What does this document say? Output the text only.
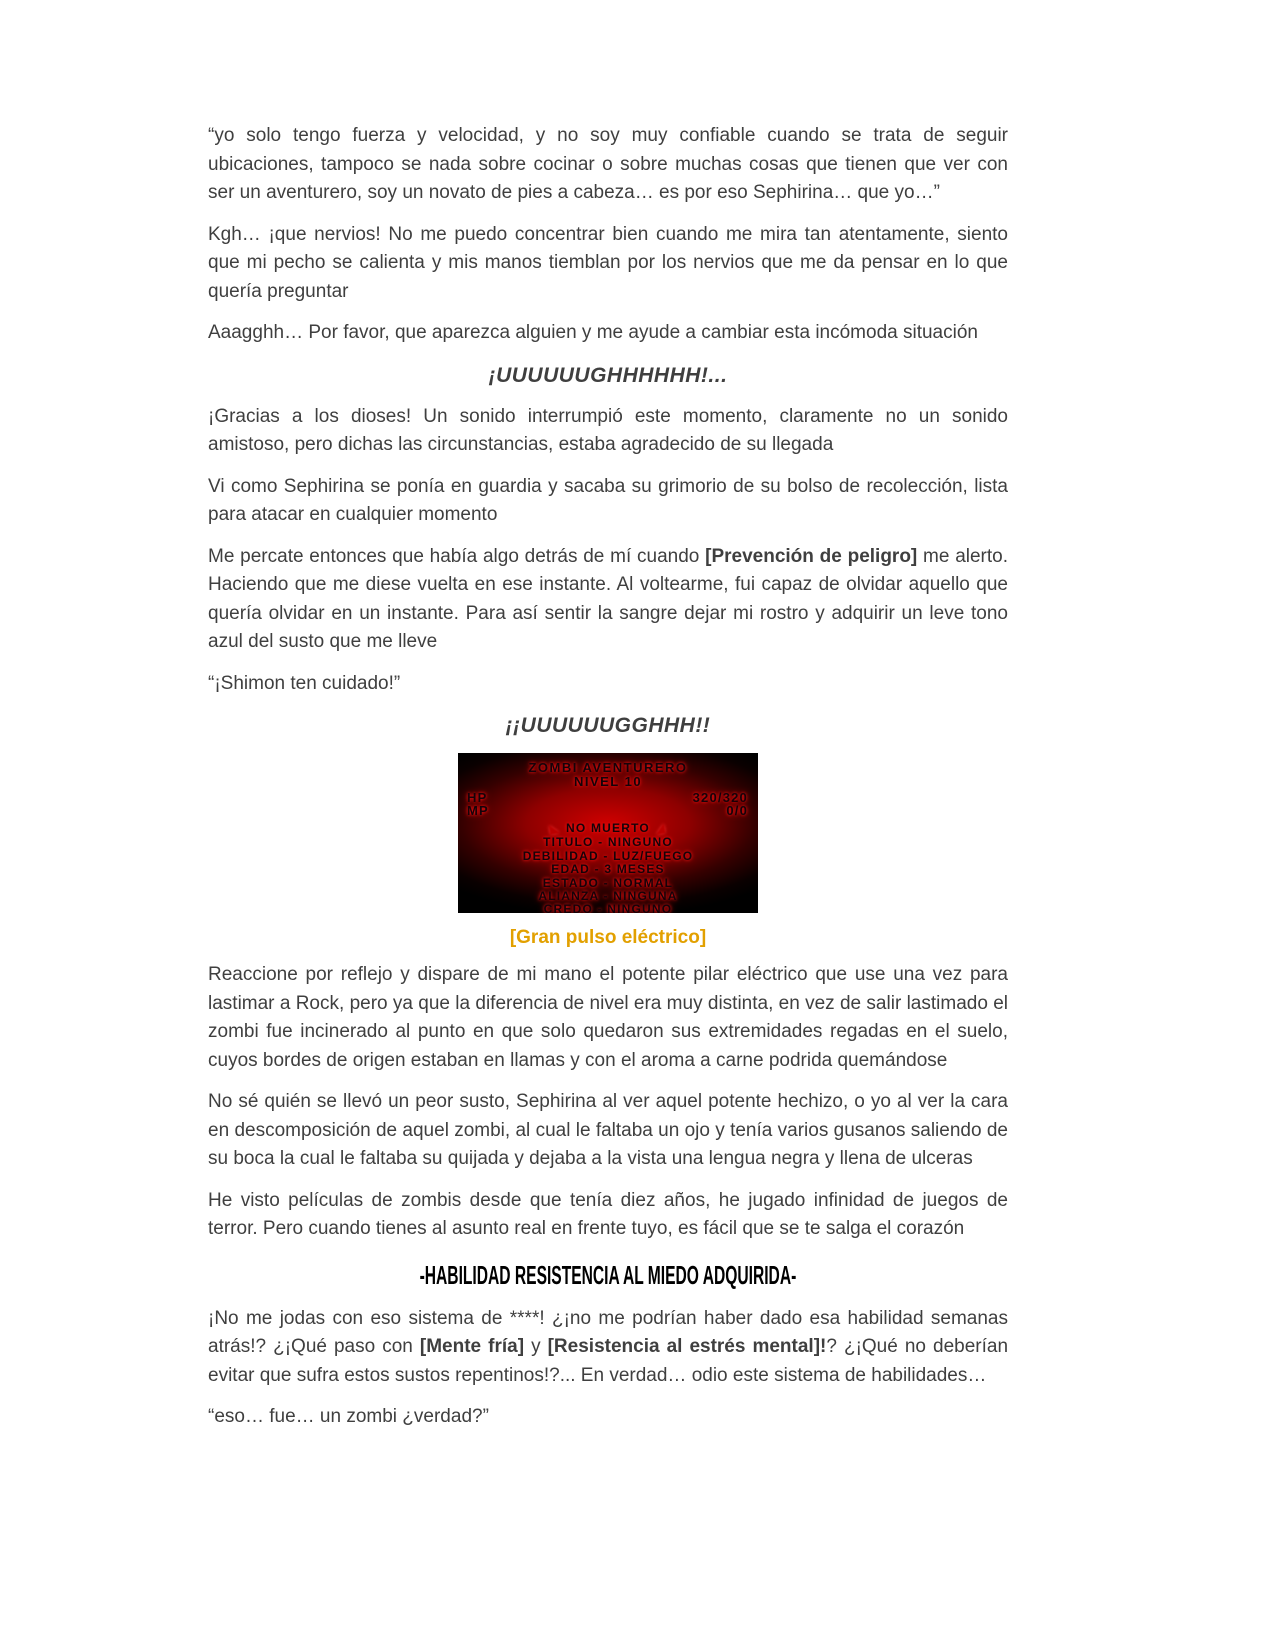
“yo solo tengo fuerza y velocidad, y no soy muy confiable cuando se trata de seguir ubicaciones, tampoco se nada sobre cocinar o sobre muchas cosas que tienen que ver con ser un aventurero, soy un novato de pies a cabeza… es por eso Sephirina… que yo…”

Kgh… ¡que nervios! No me puedo concentrar bien cuando me mira tan atentamente, siento que mi pecho se calienta y mis manos tiemblan por los nervios que me da pensar en lo que quería preguntar

Aaagghh… Por favor, que aparezca alguien y me ayude a cambiar esta incómoda situación

¡UUUUUUGHHHHHH!...

¡Gracias a los dioses! Un sonido interrumpió este momento, claramente no un sonido amistoso, pero dichas las circunstancias, estaba agradecido de su llegada

Vi como Sephirina se ponía en guardia y sacaba su grimorio de su bolso de recolección, lista para atacar en cualquier momento

Me percate entonces que había algo detrás de mí cuando [Prevención de peligro] me alerto. Haciendo que me diese vuelta en ese instante. Al voltearme, fui capaz de olvidar aquello que quería olvidar en un instante. Para así sentir la sangre dejar mi rostro y adquirir un leve tono azul del susto que me lleve

“¡Shimon ten cuidado!”

¡¡UUUUUUGGHHH!!

ZOMBI AVENTURERO
NIVEL 10
HP	320/320
MP	0/0
◣ NO MUERTO ◢
TITULO - NINGUNO
DEBILIDAD - LUZ/FUEGO
EDAD - 3 MESES
ESTADO - NORMAL
ALIANZA - NINGUNA
CREDO - NINGUNO

[Gran pulso eléctrico]

Reaccione por reflejo y dispare de mi mano el potente pilar eléctrico que use una vez para lastimar a Rock, pero ya que la diferencia de nivel era muy distinta, en vez de salir lastimado el zombi fue incinerado al punto en que solo quedaron sus extremidades regadas en el suelo, cuyos bordes de origen estaban en llamas y con el aroma a carne podrida quemándose

No sé quién se llevó un peor susto, Sephirina al ver aquel potente hechizo, o yo al ver la cara en descomposición de aquel zombi, al cual le faltaba un ojo y tenía varios gusanos saliendo de su boca la cual le faltaba su quijada y dejaba a la vista una lengua negra y llena de ulceras

He visto películas de zombis desde que tenía diez años, he jugado infinidad de juegos de terror. Pero cuando tienes al asunto real en frente tuyo, es fácil que se te salga el corazón

-HABILIDAD RESISTENCIA AL MIEDO ADQUIRIDA-

¡No me jodas con eso sistema de ****! ¿¡no me podrían haber dado esa habilidad semanas atrás!? ¿¡Qué paso con [Mente fría] y [Resistencia al estrés mental]!? ¿¡Qué no deberían evitar que sufra estos sustos repentinos!?... En verdad… odio este sistema de habilidades…

“eso… fue… un zombi ¿verdad?”
